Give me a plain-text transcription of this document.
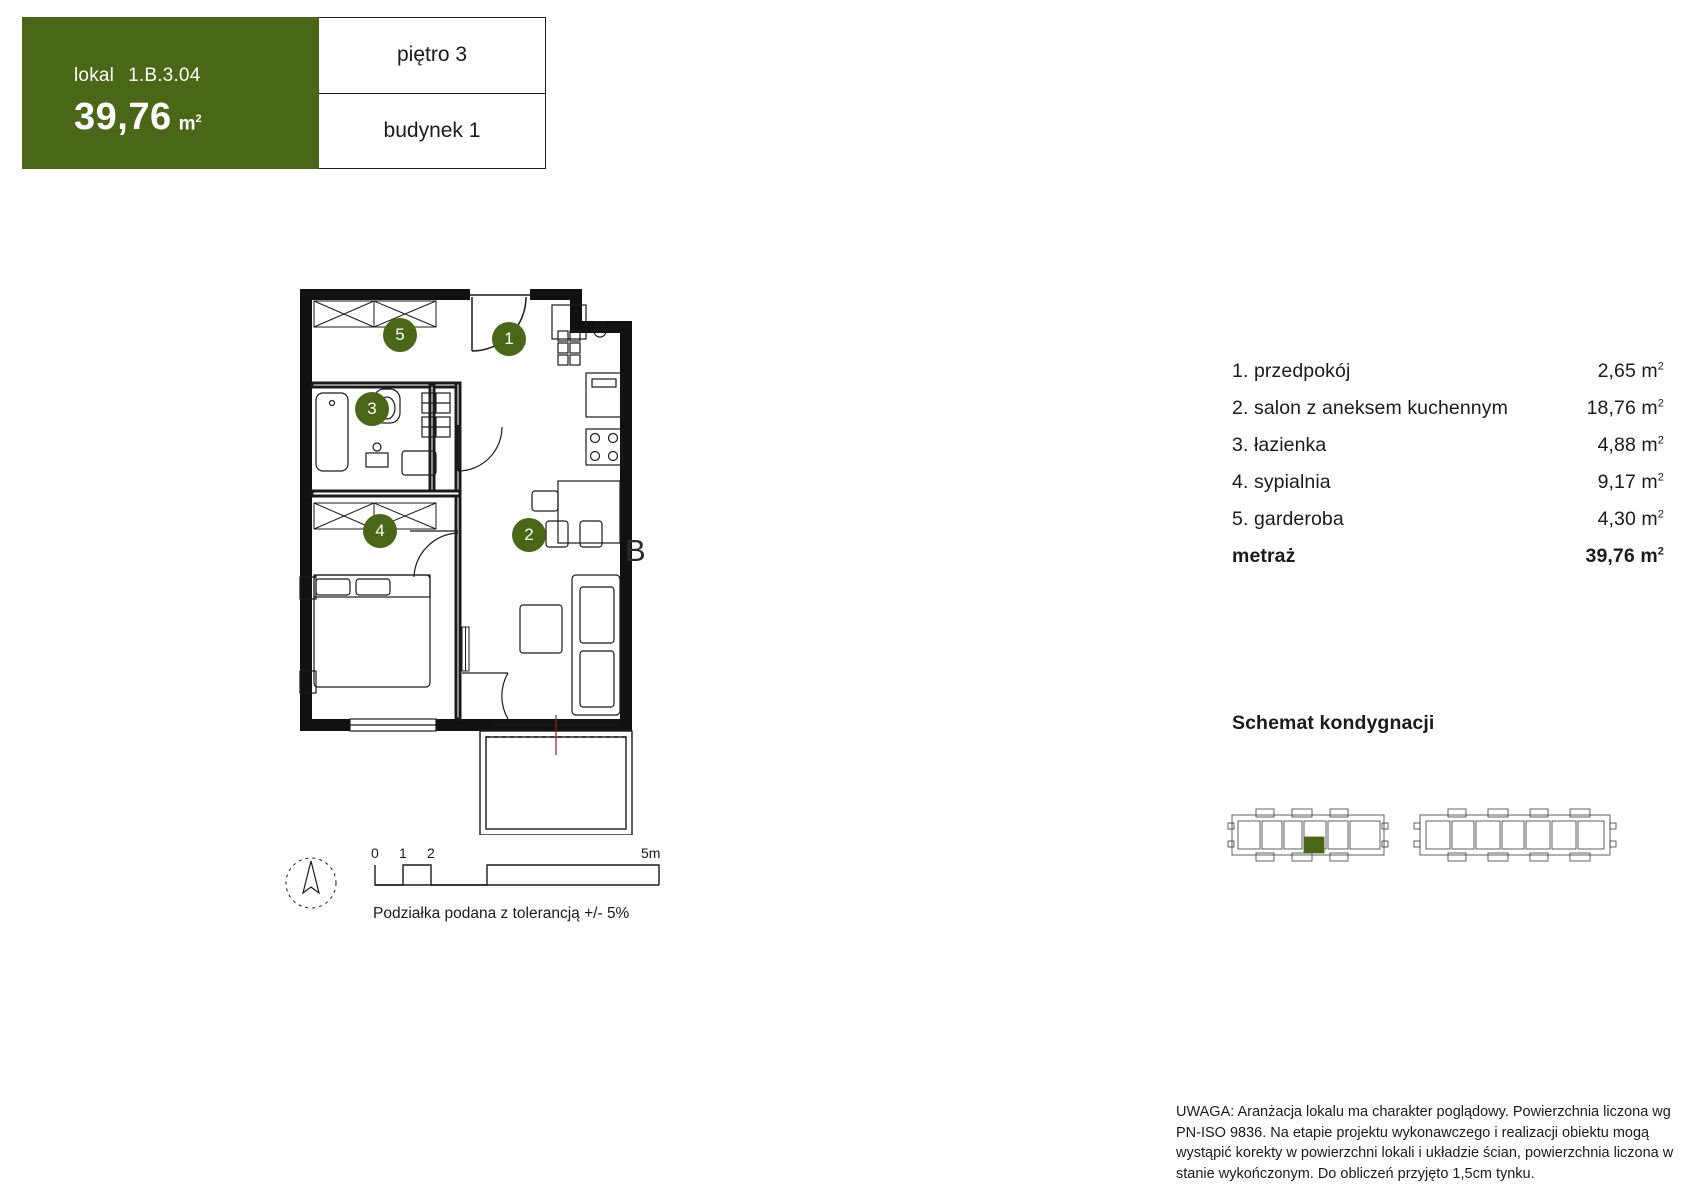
lokal 1.B.3.04
39,76 $m^2$
piętro 3
budynek 1
5	1
3
4	2	B
0 1 2	5m
Podziałka podana z tolerancją +/- 5%
1. przedpokój	2,65 $m^2$
2. salon z aneksem kuchennym	18,76 $m^2$
3. łazienka	4,88 $m^2$
4. sypialnia	9,17 $m^2$
5. garderoba	4,30 $m^2$
metraż	39,76 $m^2$
Schemat kondygnacji
UWAGA: Aranżacja lokalu ma charakter poglądowy. Powierzchnia liczona wg PN-ISO 9836. Na etapie projektu wykonawczego i realizacji obiektu mogą wystąpić korekty w powierzchni lokali i układzie ścian, powierzchnia liczona w stanie wykończonym. Do obliczeń przyjęto 1,5cm tynku.
